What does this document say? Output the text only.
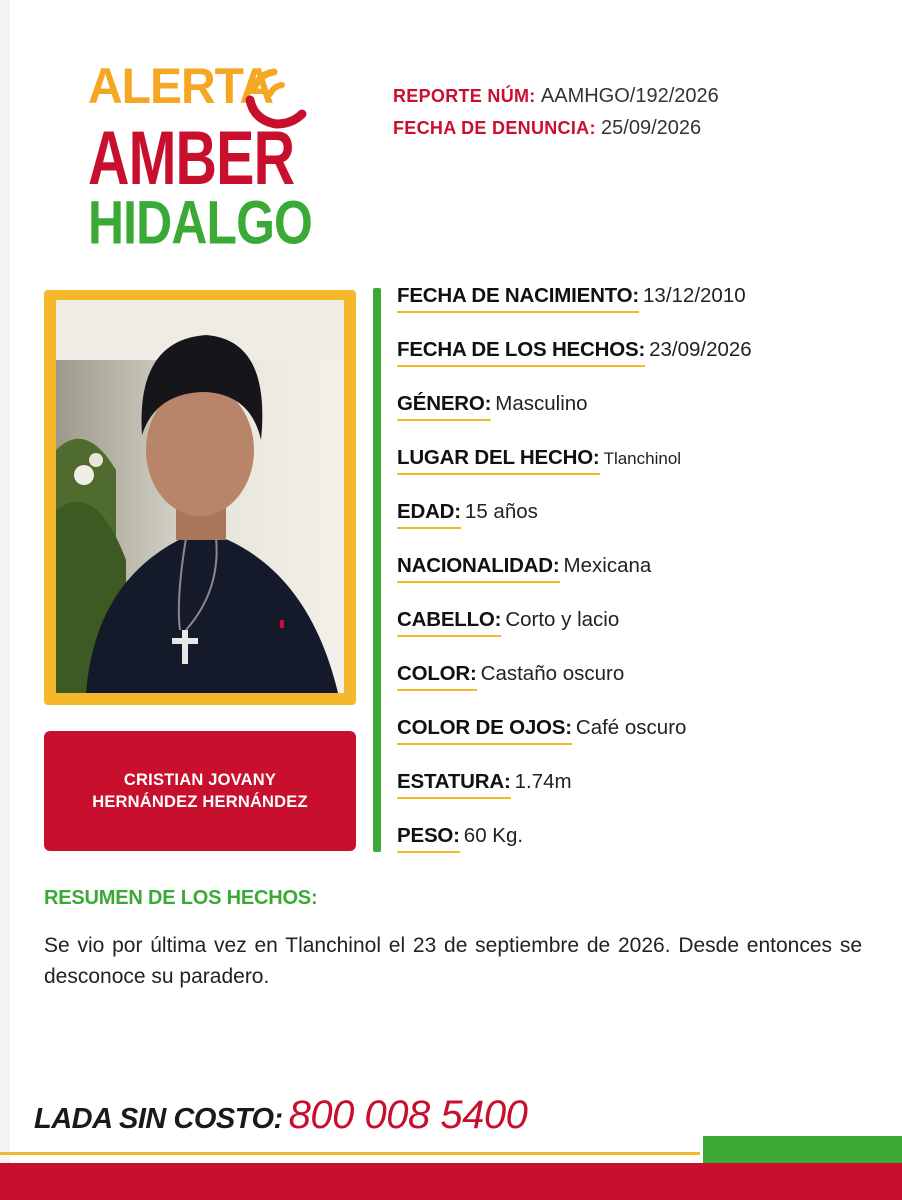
ALERTA
AMBER
HIDALGO
REPORTE NÚM: AAMHGO/192/2026
FECHA DE DENUNCIA: 25/09/2026
CRISTIAN JOVANY
HERNÁNDEZ HERNÁNDEZ
FECHA DE NACIMIENTO: 13/12/2010
FECHA DE LOS HECHOS: 23/09/2026
GÉNERO: Masculino
LUGAR DEL HECHO: Tlanchinol
EDAD: 15 años
NACIONALIDAD: Mexicana
CABELLO: Corto y lacio
COLOR: Castaño oscuro
COLOR DE OJOS: Café oscuro
ESTATURA: 1.74m
PESO: 60 Kg.
RESUMEN DE LOS HECHOS:
Se vio por última vez en Tlanchinol el 23 de septiembre de 2026. Desde entonces se desconoce su paradero.
LADA SIN COSTO: 800 008 5400
